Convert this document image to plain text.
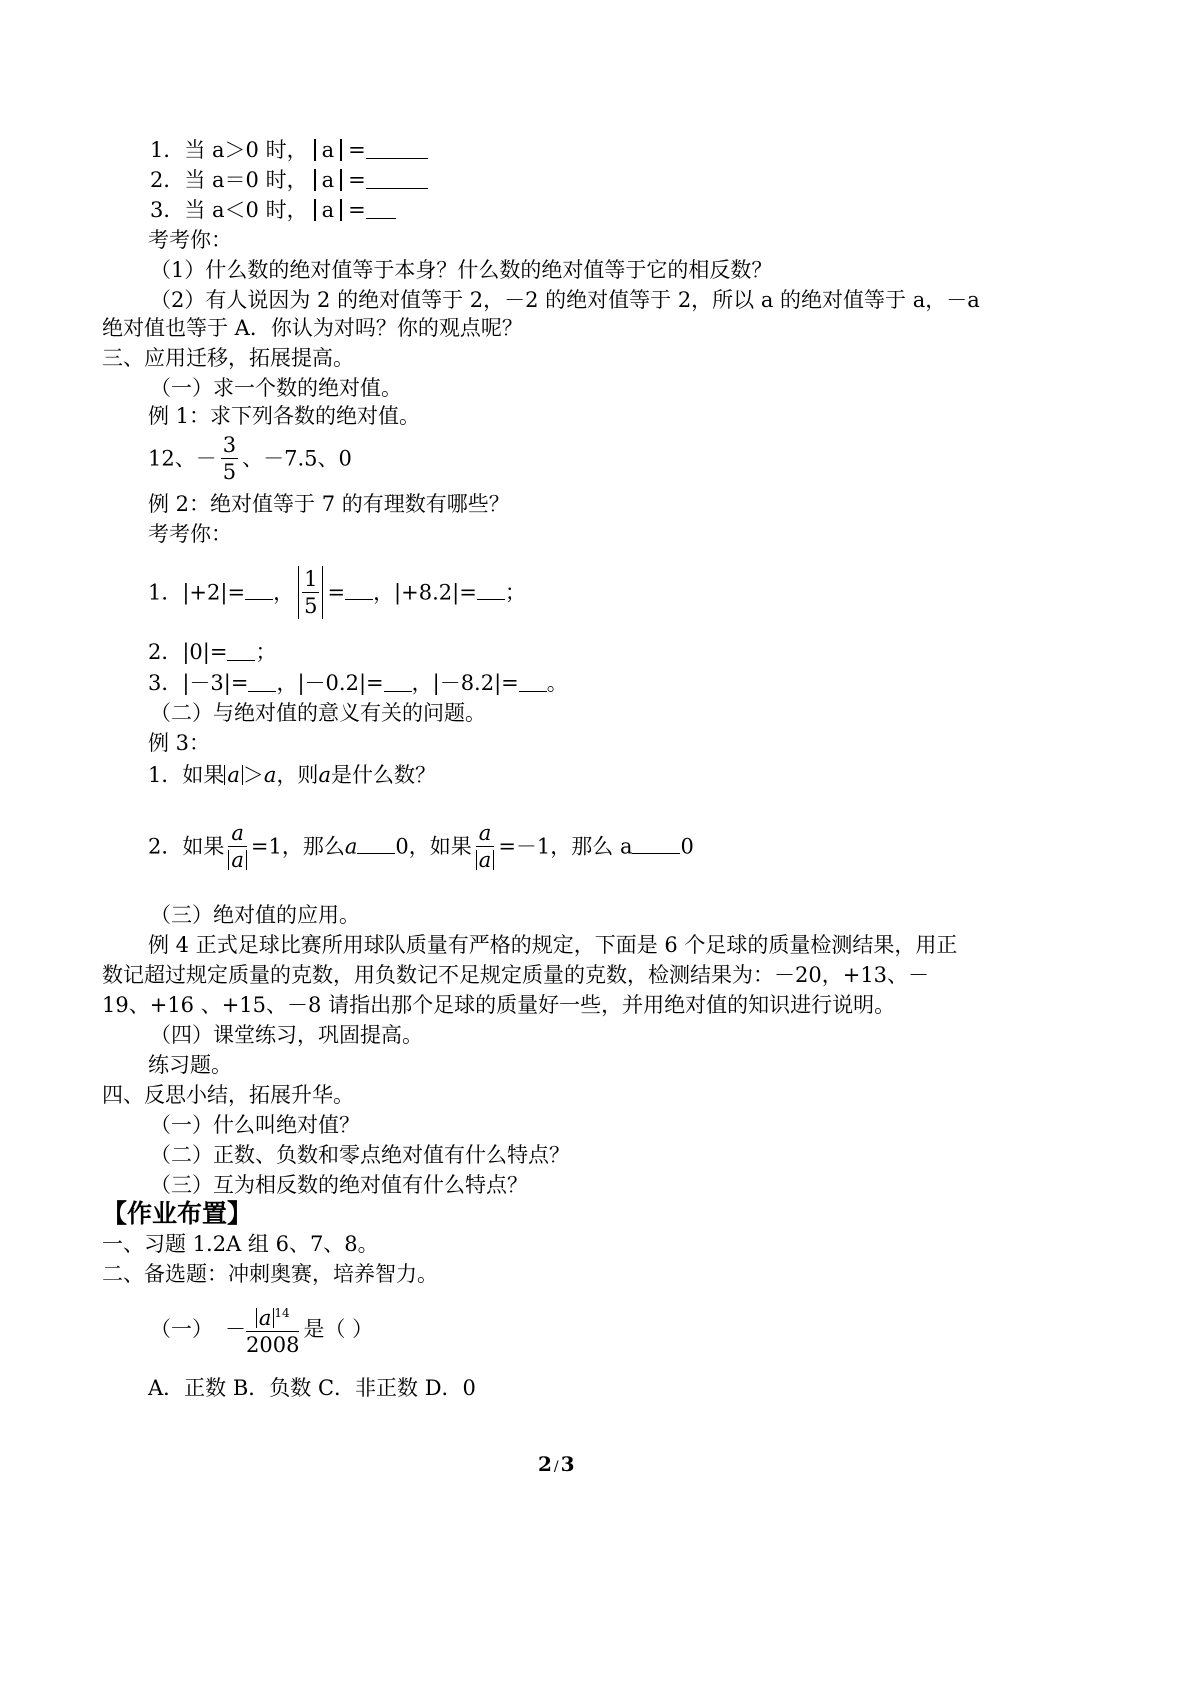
1．当 a＞0 时， a =
2．当 a＝0 时， a =
3．当 a＜0 时， a =
考考你：
（1）什么数的绝对值等于本身？什么数的绝对值等于它的相反数？
（2）有人说因为 2 的绝对值等于 2，－2 的绝对值等于 2，所以 a 的绝对值等于 a，－a
绝对值也等于 A．你认为对吗？你的观点呢？
三、应用迁移，拓展提高。
（一）求一个数的绝对值。
例 1：求下列各数的绝对值。
12、－ $\frac{3}{5}$ 、－7.5、0
例 2：绝对值等于 7 的有理数有哪些？
考考你：
1．|+2|= ， $\frac{1}{5}$ = ，|+8.2|= ；
2．|0|= ；
3．|－3|= ，|－0.2|= ，|－8.2|= 。
（二）与绝对值的意义有关的问题。
例 3：
1．如果 a ＞a，则a是什么数？
2．如果 $\frac{a}{a} =1$，那么a 0，如果 $\frac{a}{a} =-1$，那么 a 0
（三）绝对值的应用。
例 4 正式足球比赛所用球队质量有严格的规定，下面是 6 个足球的质量检测结果，用正
数记超过规定质量的克数，用负数记不足规定质量的克数，检测结果为：－20，+13、－
19、+16 、+15、－8 请指出那个足球的质量好一些，并用绝对值的知识进行说明。
（四）课堂练习，巩固提高。
练习题。
四、反思小结，拓展升华。
（一）什么叫绝对值？
（二）正数、负数和零点绝对值有什么特点？
（三）互为相反数的绝对值有什么特点？
【作业布置】
一、习题 1.2A 组 6、7、8。
二、备选题：冲刺奥赛，培养智力。
（一） － $\frac{a ^{14}}{2008}$ 是（ ）
A．正数 B．负数 C．非正数 D．0
2 / 3
